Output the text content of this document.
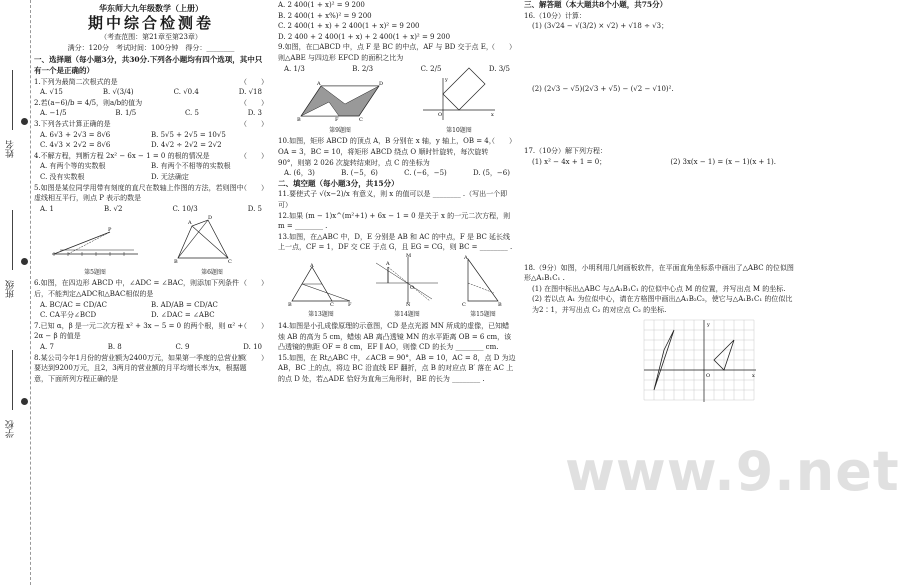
姓名
班级
学校
华东师大九年级数学（上册）
期中综合检测卷
（考查范围：第21章至第23章）
满分：120分　考试时间：100分钟　得分：________
一、选择题（每小题3分，共30分.下列各小题均有四个选项，其中只有一个是正确的）
1.下列为最简二次根式的是	（　　）
A. √15	B. √(3/4)	C. √0.4	D. √18
2.若(a−6)/b = 4/5，则a/b的值为	（　　）
A. −1/5	B. 1/5	C. 5	D. 3
3.下列各式计算正确的是	（　　）
A. 6√3 + 2√3 = 8√6	B. 5√5 + 2√5 = 10√5
C. 4√3 × 2√2 = 8√6	D. 4√2 ÷ 2√2 = 2√2
4.不解方程，判断方程 2x² − 6x − 1 = 0 的根的情况是	（　　）
A. 有两个等的实数根	B. 有两个不相等的实数根
C. 没有实数根	D. 无法确定
5.如图是某位同学用带有刻度的直尺在数轴上作图的方法，若则图中虚线相互平行，则点 P 表示的数是
（　　）
A. 1	B. √2	C. 10/3	D. 5
P
第5题图
A
D
B	C
第6题图
6.如图，在四边形 ABCD 中，∠ADC = ∠BAC，则添加下列条件后，不能判定△ADC和△BAC相似的是
（　　）
A. BC/AC = CD/AC	B. AD/AB = CD/AC
C. CA平分∠BCD	D. ∠DAC = ∠ABC
7.已知 α，β 是一元二次方程 x² + 3x − 5 = 0 的两个根，则 α² + 2α − β 的值是
（　　）
A. 7	B. 8	C. 9	D. 10
8.某公司今年1月份的营业额为2400万元，如果第一季度的总营业额要达到9200万元，且2，3两月的营业额的月平均增长率为x，根据题意，下面所列方程正确的是
（　　）
A. 2 400(1 + x)² = 9 200
B. 2 400(1 + x%)² = 9 200
C. 2 400(1 + x) + 2 400(1 + x)² = 9 200
D. 2 400 + 2 400(1 + x) + 2 400(1 + x)² = 9 200
9.如图，在□ABCD 中，点 F 是 BC 的中点，AF 与 BD 交于点 E，则△ABE 与四边形 EFCD 的面积之比为
（　　）
A. 1/3	B. 2/3	C. 2/5	D. 3/5
A	D
B	C
F
第9题图
x
y
O
第10题图
10.如图，矩形 ABCD 的顶点 A，B 分别在 x 轴，y 轴上，OB = 4，OA = 3，BC = 10，将矩形 ABCD 绕点 O 顺时针旋转，每次旋转90°，则第 2 026 次旋转结束时，点 C 的坐标为
（　　）
A. (6，3)	B. (−5，6)	C. (−6，−5)	D. (5，−6)
二、填空题（每小题3分，共15分）
11.要使式子 √(x−2)/x 有意义，则 x 的值可以是 ________ .（写出一个即可）
12.如果 (m − 1)x^(m²+1) + 6x − 1 = 0 是关于 x 的一元二次方程，则 m = ________ .
13.如图，在△ABC 中，D，E 分别是 AB 和 AC 的中点，F 是 BC 延长线上一点，CF = 1，DF 交 CE 于点 G，且 EG = CG，则 BC = ________ .
A
B	C	F
第13题图
M
N
A
O
第14题图
A
C	B
第15题图
14.如图是小孔成像原理的示意图，CD 是点光源 MN 所成的虚像，已知蜡烛 AB 的高为 5 cm，蜡烛 AB 离凸透镜 MN 的水平距离 OB = 6 cm，该凸透镜的焦距 OF = 8 cm，EF ∥ AO，则像 CD 的长为 ________ cm.
15.如图，在 Rt△ABC 中，∠ACB = 90°，AB = 10，AC = 8，点 D 为边 AB，BC 上的点，将边 BC 沿直线 EF 翻折，点 B 的对应点 B′ 落在 AC 上的点 D 处，若△ADE 恰好为直角三角形时，BE 的长为 ________ .
三、解答题（本大题共8个小题，共75分）
16.（10分）计算：
(1) (3√24 − √(3/2) × √2) + √18 ÷ √3；
(2) (2√3 − √5)(2√3 + √5) − (√2 − √10)².
17.（10分）解下列方程：
(1) x² − 4x + 1 = 0；	(2) 3x(x − 1) = (x − 1)(x + 1).
18.（9分）如图，小明利用几何画板软件，在平面直角坐标系中画出了△ABC 的位似图形△A₁B₁C₁ .
(1) 在图中标出△ABC 与△A₁B₁C₁ 的位似中心点 M 的位置，并写出点 M 的坐标.
(2) 若以点 A₁ 为位似中心，请在方格图中画出△A₁B₂C₂，使它与△A₁B₁C₁ 的位似比为2∶1，并写出点 C₂ 的对应点 C₂ 的坐标.
y
x
O
www.9.net
